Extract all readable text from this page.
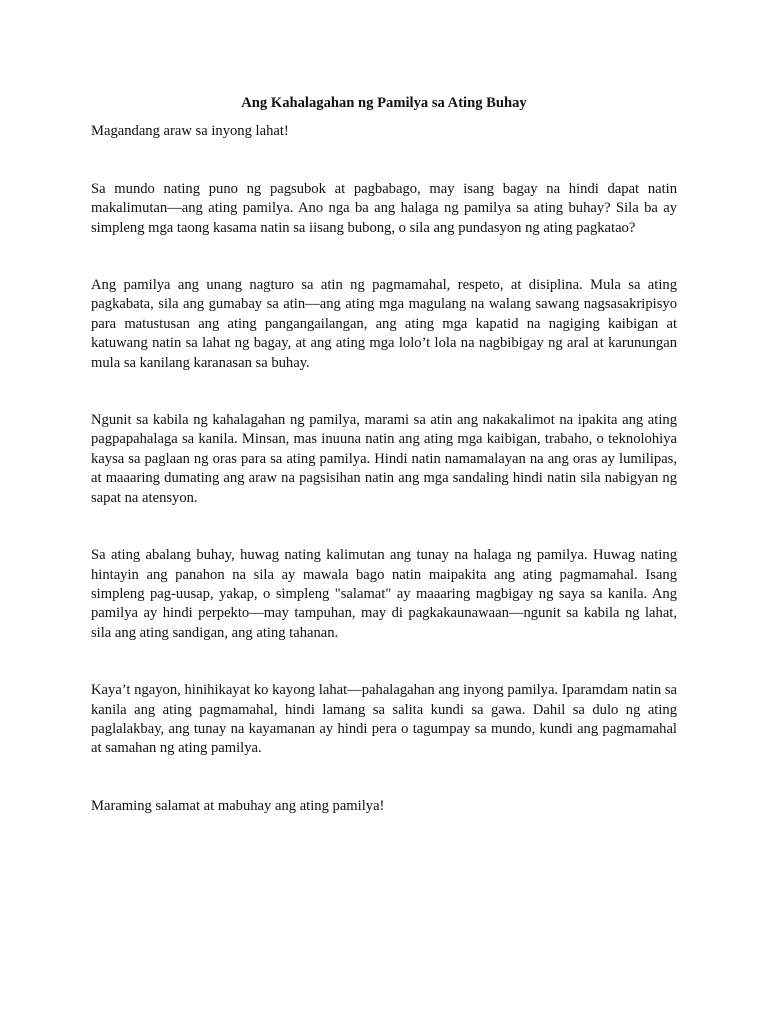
Ang Kahalagahan ng Pamilya sa Ating Buhay

Magandang araw sa inyong lahat!

Sa mundo nating puno ng pagsubok at pagbabago, may isang bagay na hindi dapat natin makalimutan—ang ating pamilya. Ano nga ba ang halaga ng pamilya sa ating buhay? Sila ba ay simpleng mga taong kasama natin sa iisang bubong, o sila ang pundasyon ng ating pagkatao?

Ang pamilya ang unang nagturo sa atin ng pagmamahal, respeto, at disiplina. Mula sa ating pagkabata, sila ang gumabay sa atin—ang ating mga magulang na walang sawang nagsasakripisyo para matustusan ang ating pangangailangan, ang ating mga kapatid na nagiging kaibigan at katuwang natin sa lahat ng bagay, at ang ating mga lolo’t lola na nagbibigay ng aral at karunungan mula sa kanilang karanasan sa buhay.

Ngunit sa kabila ng kahalagahan ng pamilya, marami sa atin ang nakakalimot na ipakita ang ating pagpapahalaga sa kanila. Minsan, mas inuuna natin ang ating mga kaibigan, trabaho, o teknolohiya kaysa sa paglaan ng oras para sa ating pamilya. Hindi natin namamalayan na ang oras ay lumilipas, at maaaring dumating ang araw na pagsisihan natin ang mga sandaling hindi natin sila nabigyan ng sapat na atensyon.

Sa ating abalang buhay, huwag nating kalimutan ang tunay na halaga ng pamilya. Huwag nating hintayin ang panahon na sila ay mawala bago natin maipakita ang ating pagmamahal. Isang simpleng pag-uusap, yakap, o simpleng "salamat" ay maaaring magbigay ng saya sa kanila. Ang pamilya ay hindi perpekto—may tampuhan, may di pagkakaunawaan—ngunit sa kabila ng lahat, sila ang ating sandigan, ang ating tahanan.

Kaya’t ngayon, hinihikayat ko kayong lahat—pahalagahan ang inyong pamilya. Iparamdam natin sa kanila ang ating pagmamahal, hindi lamang sa salita kundi sa gawa. Dahil sa dulo ng ating paglalakbay, ang tunay na kayamanan ay hindi pera o tagumpay sa mundo, kundi ang pagmamahal at samahan ng ating pamilya.

Maraming salamat at mabuhay ang ating pamilya!
